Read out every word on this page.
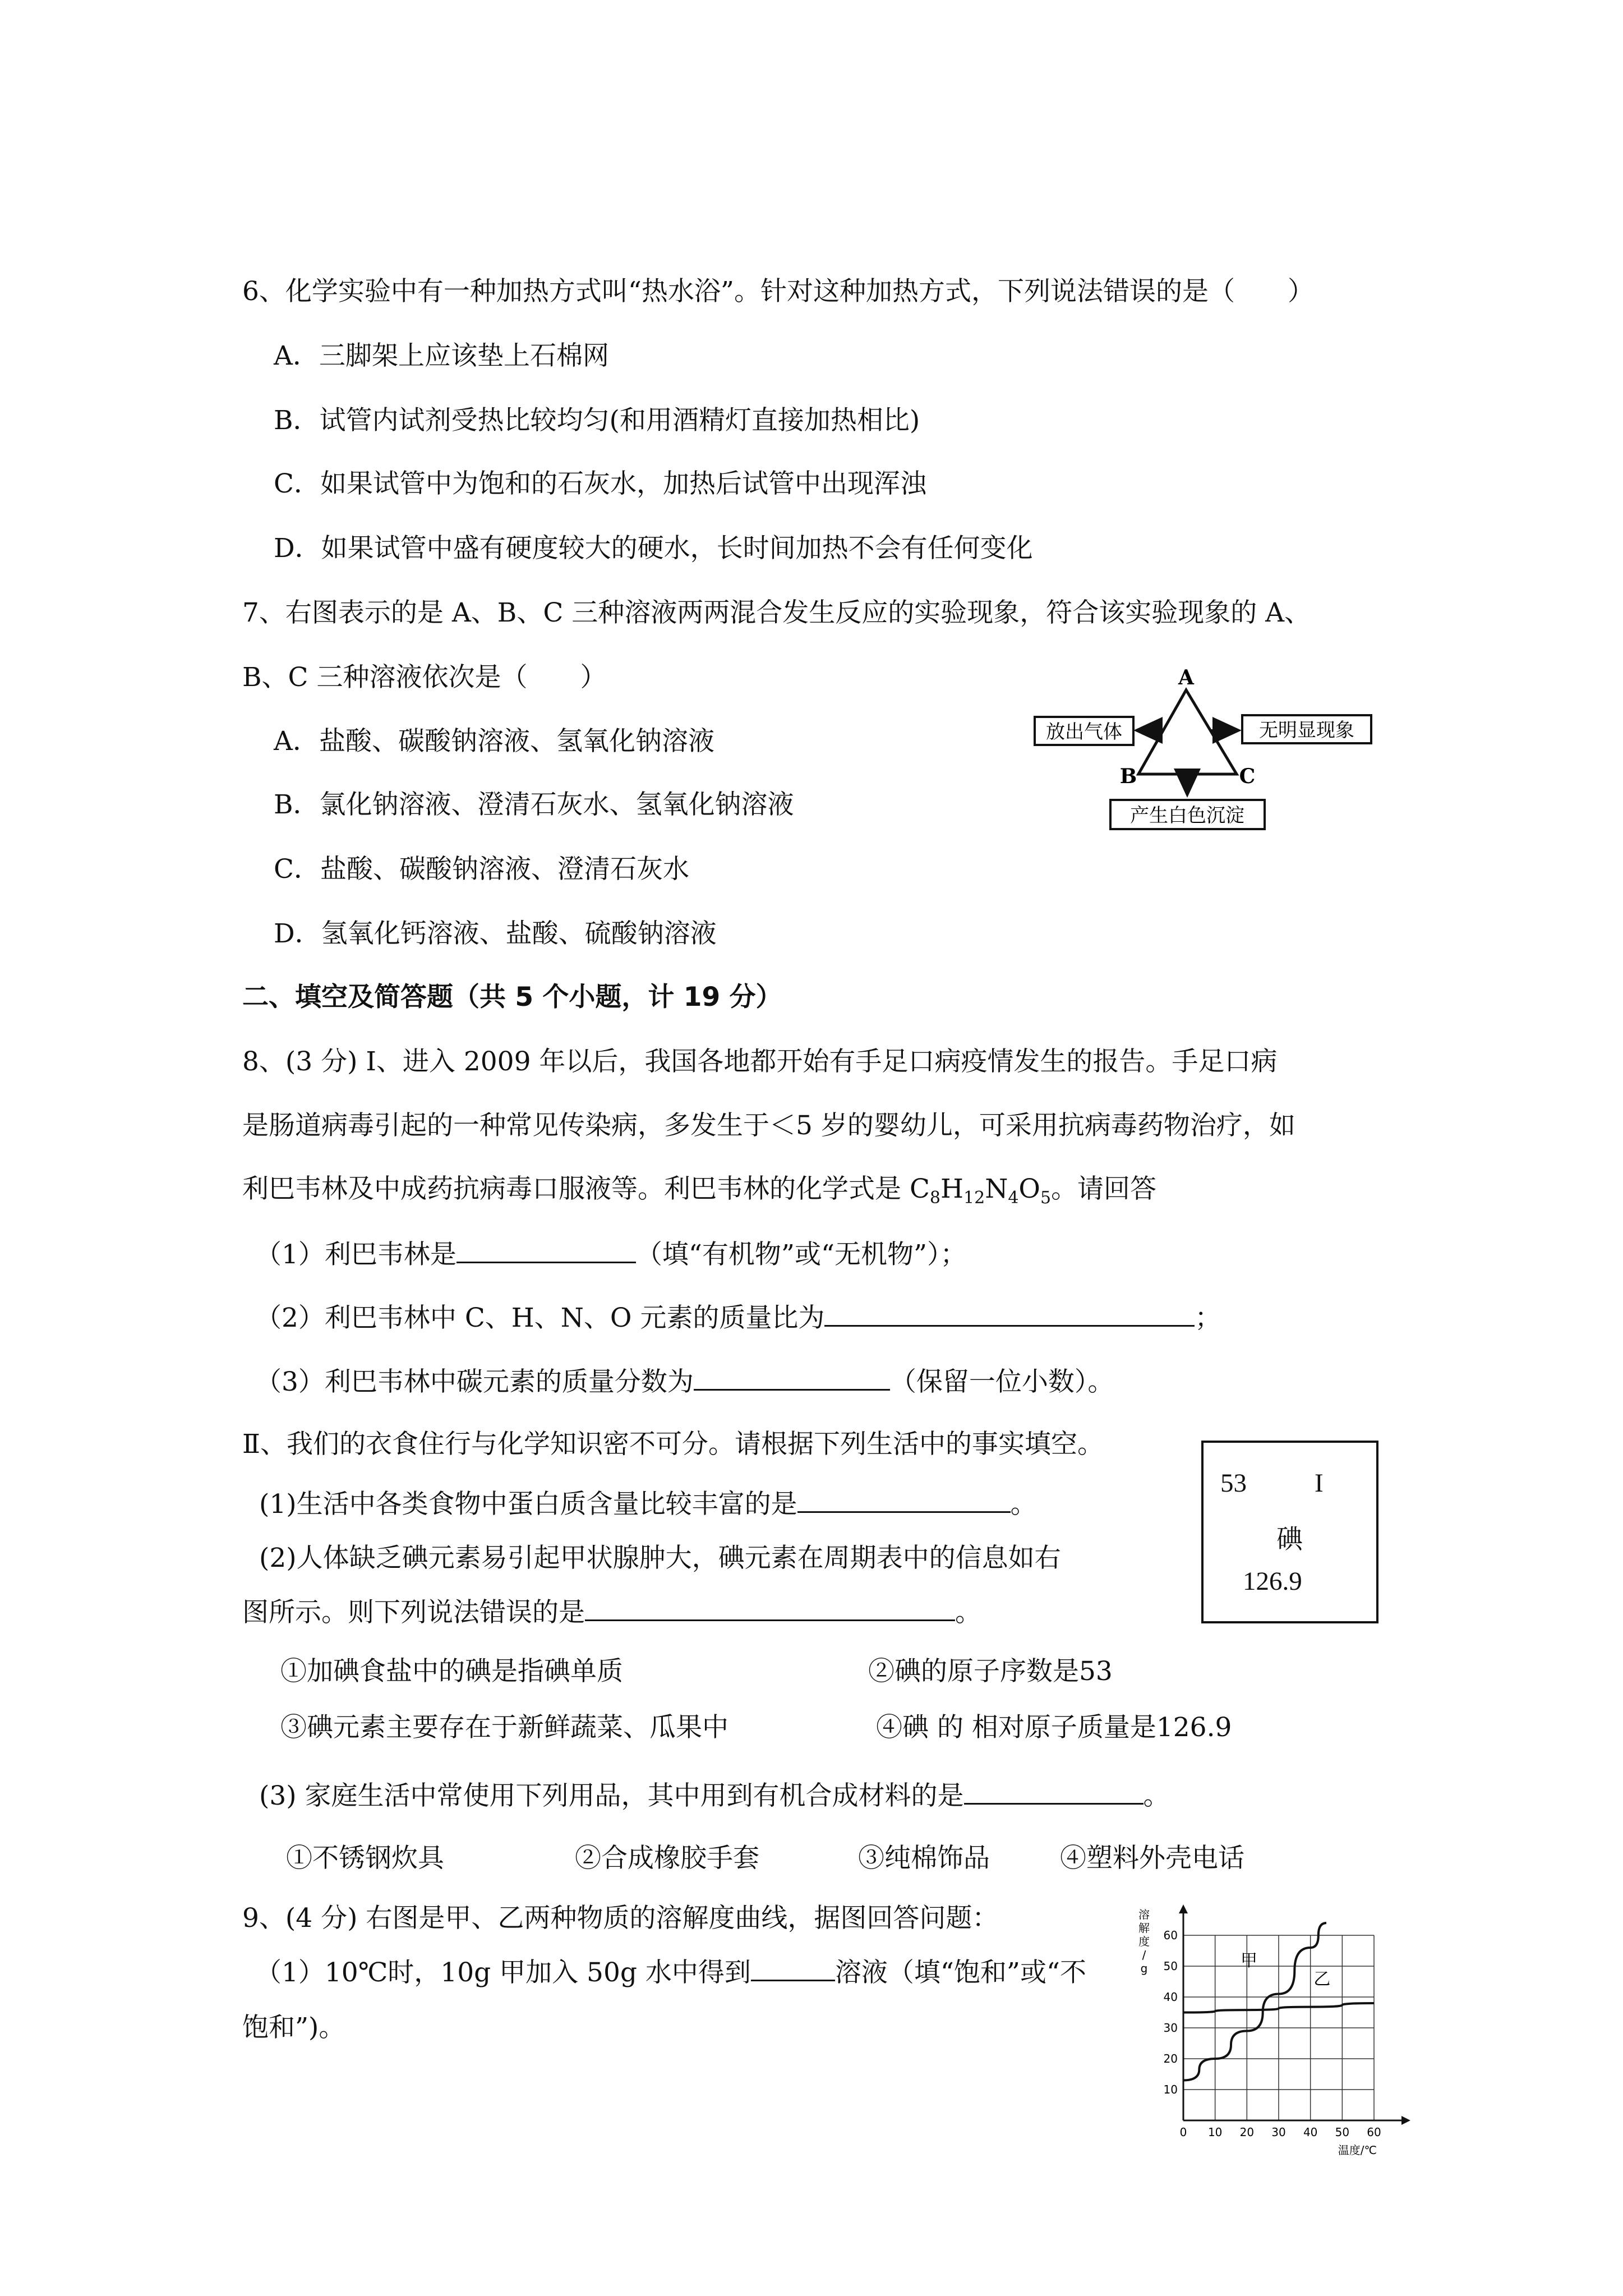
6、化学实验中有一种加热方式叫“热水浴”。针对这种加热方式，下列说法错误的是（　　）
A．三脚架上应该垫上石棉网
B．试管内试剂受热比较均匀(和用酒精灯直接加热相比)
C．如果试管中为饱和的石灰水，加热后试管中出现浑浊
D．如果试管中盛有硬度较大的硬水，长时间加热不会有任何变化
7、右图表示的是 A、B、C 三种溶液两两混合发生反应的实验现象，符合该实验现象的 A、
B、C 三种溶液依次是（　　）
A．盐酸、碳酸钠溶液、氢氧化钠溶液
B．氯化钠溶液、澄清石灰水、氢氧化钠溶液
C．盐酸、碳酸钠溶液、澄清石灰水
D．氢氧化钙溶液、盐酸、硫酸钠溶液
A
B	C
放出气体	无明显现象
产生白色沉淀
二、填空及简答题（共 5 个小题，计 19 分）
8、(3 分) Ⅰ、进入 2009 年以后，我国各地都开始有手足口病疫情发生的报告。手足口病
是肠道病毒引起的一种常见传染病，多发生于＜5 岁的婴幼儿，可采用抗病毒药物治疗，如
利巴韦林及中成药抗病毒口服液等。利巴韦林的化学式是 $C_8H_{12}N_4O_5$。请回答
（1）利巴韦林是	（填“有机物”或“无机物”）；
（2）利巴韦林中 C、H、N、O 元素的质量比为	；
（3）利巴韦林中碳元素的质量分数为	（保留一位小数）。
Ⅱ、我们的衣食住行与化学知识密不可分。请根据下列生活中的事实填空。
(1)生活中各类食物中蛋白质含量比较丰富的是	。
(2)人体缺乏碘元素易引起甲状腺肿大，碘元素在周期表中的信息如右
图所示。则下列说法错误的是	。
①加碘食盐中的碘是指碘单质	②碘的原子序数是53
③碘元素主要存在于新鲜蔬菜、瓜果中	④碘 的 相对原子质量是126.9
(3) 家庭生活中常使用下列用品，其中用到有机合成材料的是	。
①不锈钢炊具	②合成橡胶手套	③纯棉饰品	④塑料外壳电话
53	I
碘
126.9
9、(4 分) 右图是甲、乙两种物质的溶解度曲线，据图回答问题：
（1）10℃时，10g 甲加入 50g 水中得到	溶液（填“饱和”或“不
饱和”)。
0 10 20 30 40 50 60
10
20
30
40
50
60
溶解度/ g
温度/℃
甲
乙
